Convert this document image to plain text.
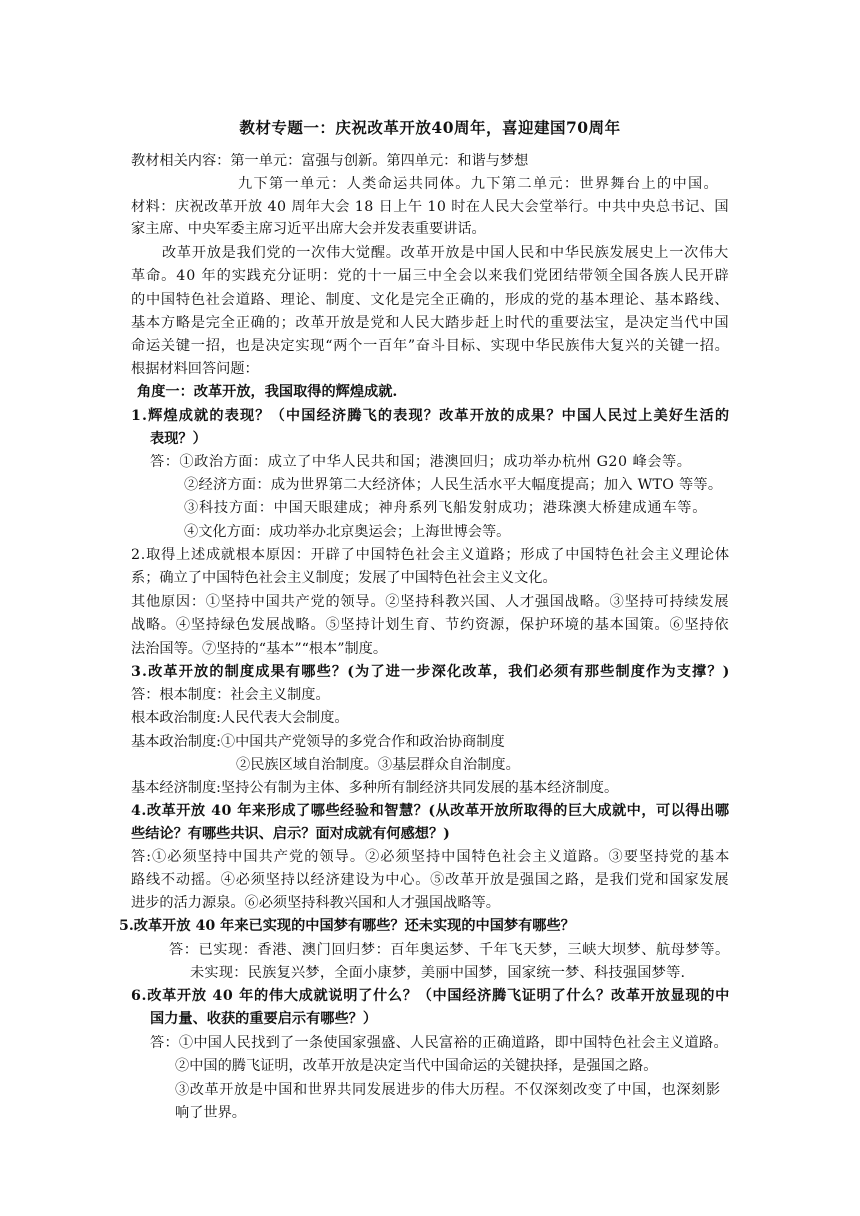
教材专题一：庆祝改革开放40周年，喜迎建国70周年
教材相关内容：第一单元：富强与创新。第四单元：和谐与梦想
九下第一单元：人类命运共同体。九下第二单元：世界舞台上的中国。
材料：庆祝改革开放 40 周年大会 18 日上午 10 时在人民大会堂举行。中共中央总书记、国
家主席、中央军委主席习近平出席大会并发表重要讲话。
改革开放是我们党的一次伟大觉醒。改革开放是中国人民和中华民族发展史上一次伟大
革命。40 年的实践充分证明：党的十一届三中全会以来我们党团结带领全国各族人民开辟
的中国特色社会道路、理论、制度、文化是完全正确的，形成的党的基本理论、基本路线、
基本方略是完全正确的；改革开放是党和人民大踏步赶上时代的重要法宝，是决定当代中国
命运关键一招，也是决定实现“两个一百年”奋斗目标、实现中华民族伟大复兴的关键一招。
根据材料回答问题：
角度一：改革开放，我国取得的辉煌成就.
1.辉煌成就的表现？（中国经济腾飞的表现？改革开放的成果？中国人民过上美好生活的
表现？）
答：①政治方面：成立了中华人民共和国；港澳回归；成功举办杭州 G20 峰会等。
②经济方面：成为世界第二大经济体；人民生活水平大幅度提高；加入 WTO 等等。
③科技方面：中国天眼建成；神舟系列飞船发射成功；港珠澳大桥建成通车等。
④文化方面：成功举办北京奥运会；上海世博会等。
2.取得上述成就根本原因：开辟了中国特色社会主义道路；形成了中国特色社会主义理论体
系；确立了中国特色社会主义制度；发展了中国特色社会主义文化。
其他原因：①坚持中国共产党的领导。②坚持科教兴国、人才强国战略。③坚持可持续发展
战略。④坚持绿色发展战略。⑤坚持计划生育、节约资源，保护环境的基本国策。⑥坚持依
法治国等。⑦坚持的“基本”“根本”制度。
3.改革开放的制度成果有哪些？(为了进一步深化改革，我们必须有那些制度作为支撑？)
答：根本制度：社会主义制度。
根本政治制度:人民代表大会制度。
基本政治制度:①中国共产党领导的多党合作和政治协商制度
②民族区域自治制度。③基层群众自治制度。
基本经济制度:坚持公有制为主体、多种所有制经济共同发展的基本经济制度。
4.改革开放 40 年来形成了哪些经验和智慧？(从改革开放所取得的巨大成就中，可以得出哪
些结论？有哪些共识、启示？面对成就有何感想？)
答:①必须坚持中国共产党的领导。②必须坚持中国特色社会主义道路。③要坚持党的基本
路线不动摇。④必须坚持以经济建设为中心。⑤改革开放是强国之路，是我们党和国家发展
进步的活力源泉。⑥必须坚持科教兴国和人才强国战略等。
5.改革开放 40 年来已实现的中国梦有哪些？还未实现的中国梦有哪些？
答：已实现：香港、澳门回归梦：百年奥运梦、千年飞天梦，三峡大坝梦、航母梦等。
未实现：民族复兴梦，全面小康梦，美丽中国梦，国家统一梦、科技强国梦等.
6.改革开放 40 年的伟大成就说明了什么？（中国经济腾飞证明了什么？改革开放显现的中
国力量、收获的重要启示有哪些？）
答：①中国人民找到了一条使国家强盛、人民富裕的正确道路，即中国特色社会主义道路。
②中国的腾飞证明，改革开放是决定当代中国命运的关键抉择，是强国之路。
③改革开放是中国和世界共同发展进步的伟大历程。不仅深刻改变了中国，也深刻影
响了世界。
